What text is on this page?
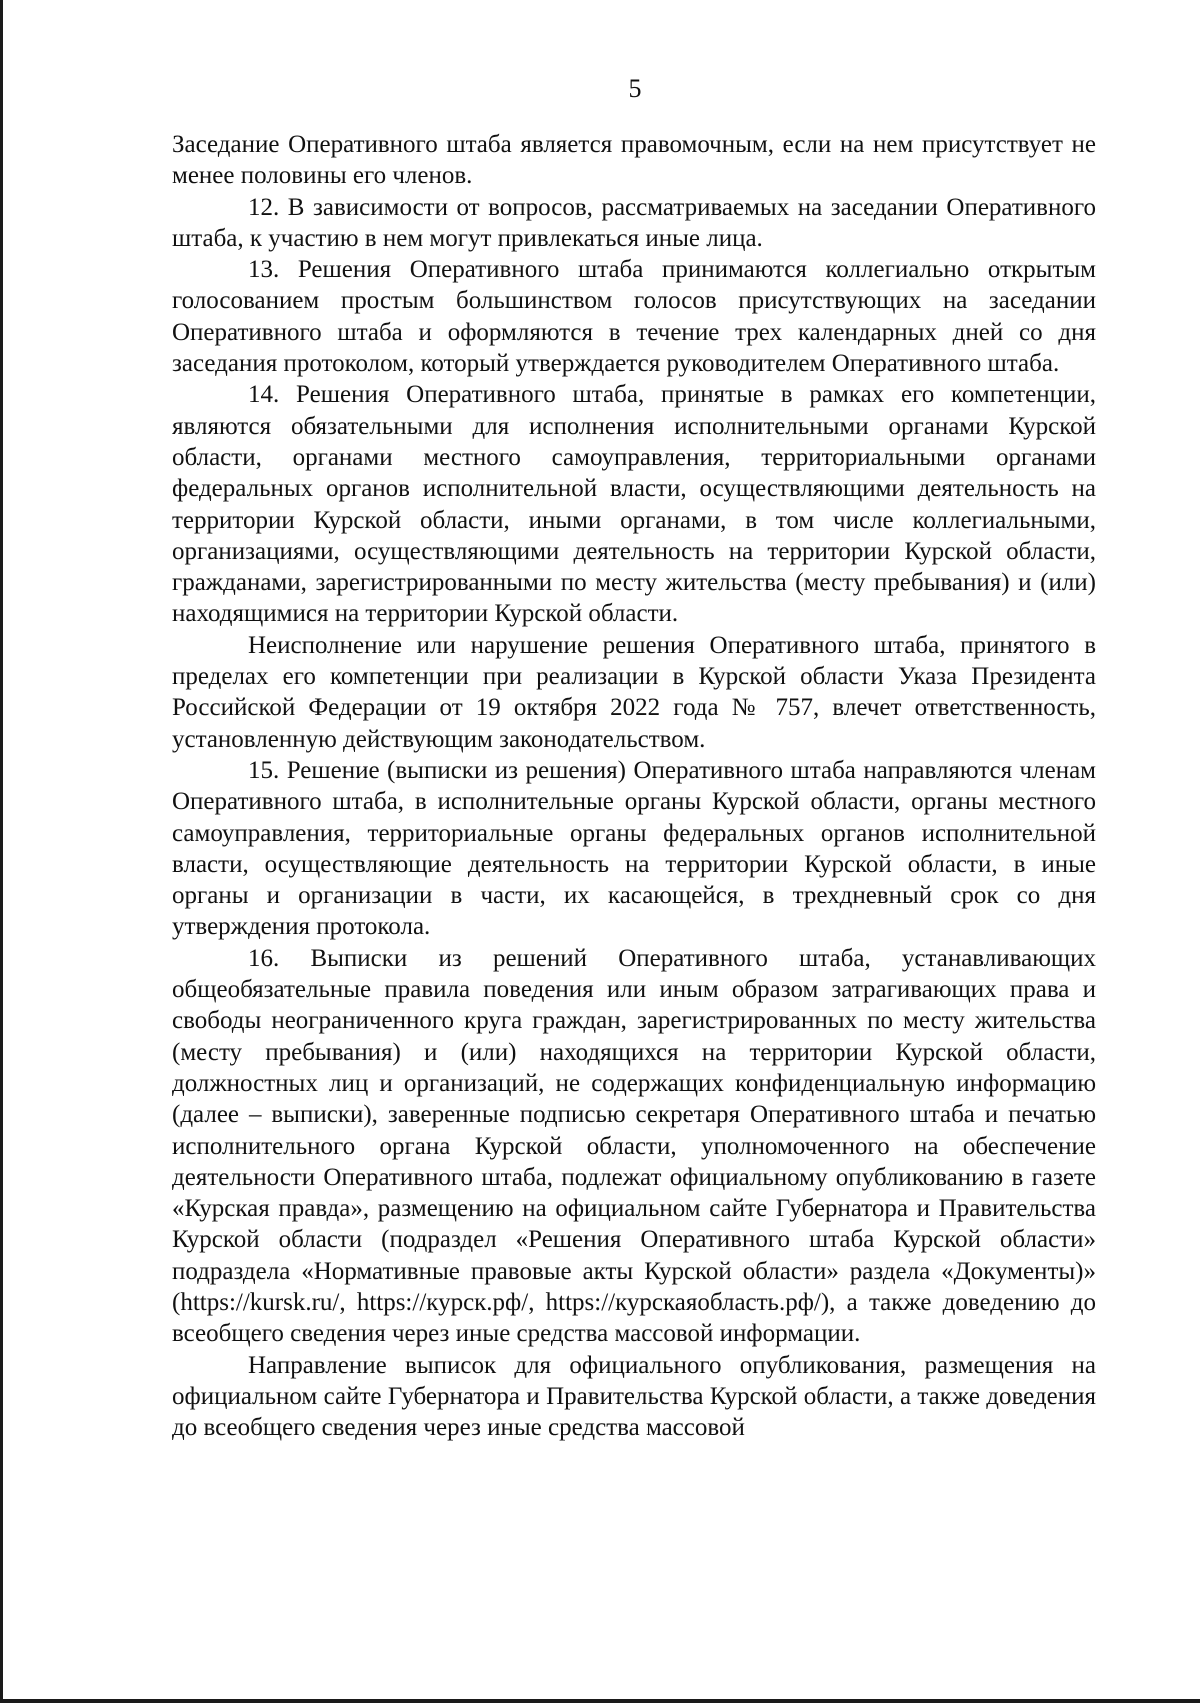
5

Заседание Оперативного штаба является правомочным, если на нем присутствует не менее половины его членов.

12. В зависимости от вопросов, рассматриваемых на заседании Оперативного штаба, к участию в нем могут привлекаться иные лица.

13. Решения Оперативного штаба принимаются коллегиально открытым голосованием простым большинством голосов присутствующих на заседании Оперативного штаба и оформляются в течение трех календарных дней со дня заседания протоколом, который утверждается руководителем Оперативного штаба.

14. Решения Оперативного штаба, принятые в рамках его компетенции, являются обязательными для исполнения исполнительными органами Курской области, органами местного самоуправления, территориальными органами федеральных органов исполнительной власти, осуществляющими деятельность на территории Курской области, иными органами, в том числе коллегиальными, организациями, осуществляющими деятельность на территории Курской области, гражданами, зарегистрированными по месту жительства (месту пребывания) и (или) находящимися на территории Курской области.

Неисполнение или нарушение решения Оперативного штаба, принятого в пределах его компетенции при реализации в Курской области Указа Президента Российской Федерации от 19 октября 2022 года № 757, влечет ответственность, установленную действующим законодательством.

15. Решение (выписки из решения) Оперативного штаба направляются членам Оперативного штаба, в исполнительные органы Курской области, органы местного самоуправления, территориальные органы федеральных органов исполнительной власти, осуществляющие деятельность на территории Курской области, в иные органы и организации в части, их касающейся, в трехдневный срок со дня утверждения протокола.

16. Выписки из решений Оперативного штаба, устанавливающих общеобязательные правила поведения или иным образом затрагивающих права и свободы неограниченного круга граждан, зарегистрированных по месту жительства (месту пребывания) и (или) находящихся на территории Курской области, должностных лиц и организаций, не содержащих конфиденциальную информацию (далее – выписки), заверенные подписью секретаря Оперативного штаба и печатью исполнительного органа Курской области, уполномоченного на обеспечение деятельности Оперативного штаба, подлежат официальному опубликованию в газете «Курская правда», размещению на официальном сайте Губернатора и Правительства Курской области (подраздел «Решения Оперативного штаба Курской области» подраздела «Нормативные правовые акты Курской области» раздела «Документы)» (https://kursk.ru/, https://курск.рф/, https://курскаяобласть.рф/), а также доведению до всеобщего сведения через иные средства массовой информации.

Направление выписок для официального опубликования, размещения на официальном сайте Губернатора и Правительства Курской области, а также доведения до всеобщего сведения через иные средства массовой
